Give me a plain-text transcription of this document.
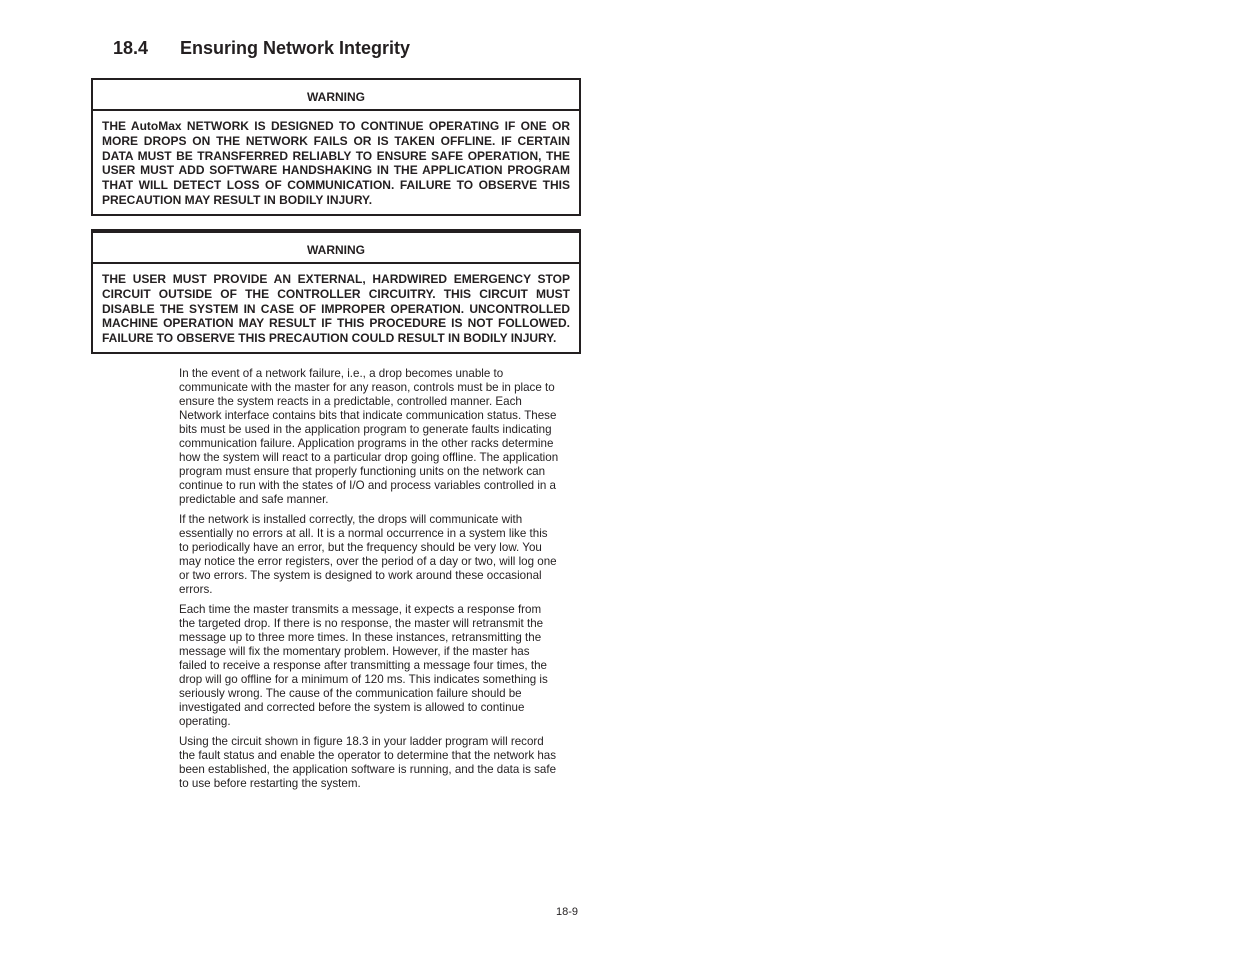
18.4 Ensuring Network Integrity
WARNING
THE AutoMax NETWORK IS DESIGNED TO CONTINUE OPERATING IF ONE OR MORE DROPS ON THE NETWORK FAILS OR IS TAKEN OFFLINE. IF CERTAIN DATA MUST BE TRANSFERRED RELIABLY TO ENSURE SAFE OPERATION, THE USER MUST ADD SOFTWARE HANDSHAKING IN THE APPLICATION PROGRAM THAT WILL DETECT LOSS OF COMMUNICATION. FAILURE TO OBSERVE THIS PRECAUTION MAY RESULT IN BODILY INJURY.
WARNING
THE USER MUST PROVIDE AN EXTERNAL, HARDWIRED EMERGENCY STOP CIRCUIT OUTSIDE OF THE CONTROLLER CIRCUITRY. THIS CIRCUIT MUST DISABLE THE SYSTEM IN CASE OF IMPROPER OPERATION. UNCONTROLLED MACHINE OPERATION MAY RESULT IF THIS PROCEDURE IS NOT FOLLOWED. FAILURE TO OBSERVE THIS PRECAUTION COULD RESULT IN BODILY INJURY.

In the event of a network failure, i.e., a drop becomes unable to communicate with the master for any reason, controls must be in place to ensure the system reacts in a predictable, controlled manner. Each Network interface contains bits that indicate communication status. These bits must be used in the application program to generate faults indicating communication failure. Application programs in the other racks determine how the system will react to a particular drop going offline. The application program must ensure that properly functioning units on the network can continue to run with the states of I/O and process variables controlled in a predictable and safe manner.

If the network is installed correctly, the drops will communicate with essentially no errors at all. It is a normal occurrence in a system like this to periodically have an error, but the frequency should be very low. You may notice the error registers, over the period of a day or two, will log one or two errors. The system is designed to work around these occasional errors.

Each time the master transmits a message, it expects a response from the targeted drop. If there is no response, the master will retransmit the message up to three more times. In these instances, retransmitting the message will fix the momentary problem. However, if the master has failed to receive a response after transmitting a message four times, the drop will go offline for a minimum of 120 ms. This indicates something is seriously wrong. The cause of the communication failure should be investigated and corrected before the system is allowed to continue operating.

Using the circuit shown in figure 18.3 in your ladder program will record the fault status and enable the operator to determine that the network has been established, the application software is running, and the data is safe to use before restarting the system.

18-9
